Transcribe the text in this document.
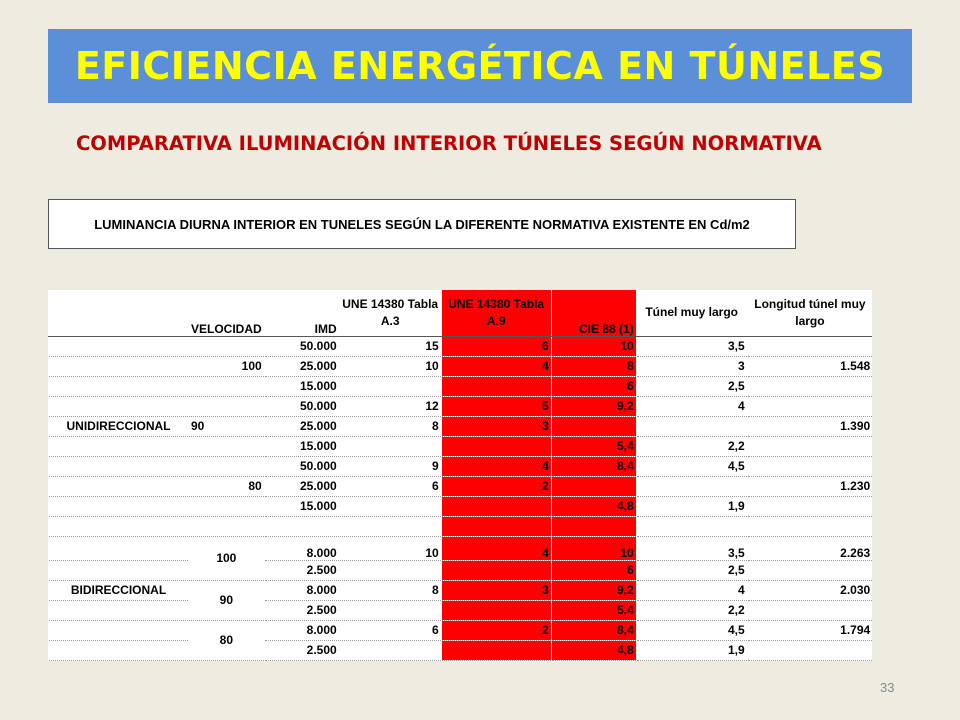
EFICIENCIA ENERGÉTICA EN TÚNELES
COMPARATIVA ILUMINACIÓN INTERIOR TÚNELES SEGÚN NORMATIVA
LUMINANCIA DIURNA INTERIOR EN TUNELES SEGÚN LA DIFERENTE NORMATIVA EXISTENTE EN Cd/m2
	VELOCIDAD	IMD	UNE 14380 Tabla A.3	UNE 14380 Tabla A.9	CIE 88 (1)	Túnel muy largo	Longitud túnel muy largo
		50.000	15	6	10	3,5	
	100	25.000	10	4	8	3	1.548
		15.000			6	2,5	
		50.000	12	5	9,2	4	
UNIDIRECCIONAL	90	25.000	8	3			1.390
		15.000			5,4	2,2	
		50.000	9	4	8,4	4,5	
	80	25.000	6	2			1.230
		15.000			4,8	1,9	

	100	8.000	10	4	10	3,5	2.263
		2.500			6	2,5	
BIDIRECCIONAL	90	8.000	8	3	9,2	4	2.030
		2.500			5,4	2,2	
	80	8.000	6	2	8,4	4,5	1.794
		2.500			4,8	1,9	
33
